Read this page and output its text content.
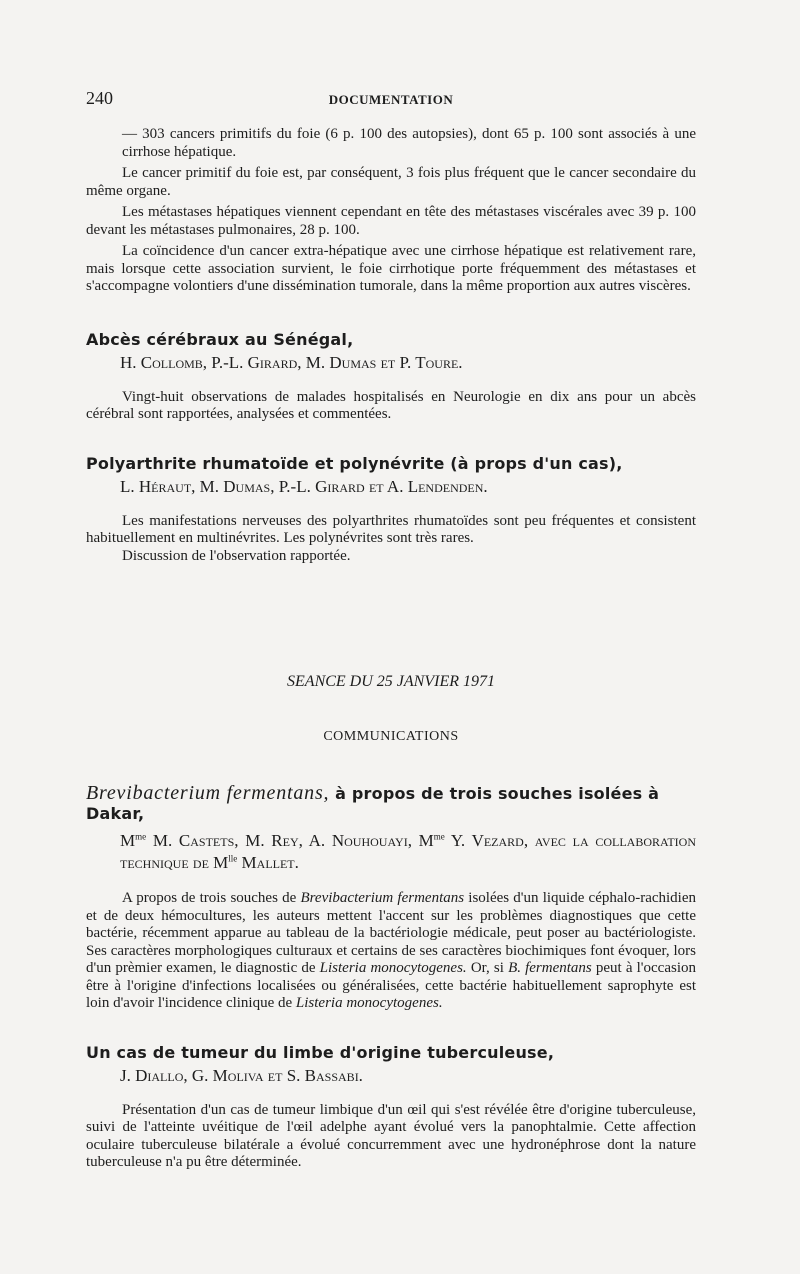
240	DOCUMENTATION

— 303 cancers primitifs du foie (6 p. 100 des autopsies), dont 65 p. 100 sont associés à une cirrhose hépatique.

Le cancer primitif du foie est, par conséquent, 3 fois plus fréquent que le cancer secondaire du même organe.

Les métastases hépatiques viennent cependant en tête des métastases viscérales avec 39 p. 100 devant les métastases pulmonaires, 28 p. 100.

La coïncidence d'un cancer extra-hépatique avec une cirrhose hépatique est relativement rare, mais lorsque cette association survient, le foie cirrhotique porte fréquemment des métastases et s'accompagne volontiers d'une dissémination tumorale, dans la même proportion aux autres viscères.

Abcès cérébraux au Sénégal,
H. Collomb, P.-L. Girard, M. Dumas et P. Toure.

Vingt-huit observations de malades hospitalisés en Neurologie en dix ans pour un abcès cérébral sont rapportées, analysées et commentées.

Polyarthrite rhumatoïde et polynévrite (à props d'un cas),
L. Héraut, M. Dumas, P.-L. Girard et A. Lendenden.

Les manifestations nerveuses des polyarthrites rhumatoïdes sont peu fréquentes et consistent habituellement en multinévrites. Les polynévrites sont très rares.

Discussion de l'observation rapportée.

SEANCE DU 25 JANVIER 1971
COMMUNICATIONS
Brevibacterium fermentans, à propos de trois souches isolées à Dakar,
$M^{me}$ M. Castets, M. Rey, A. Nouhouayi, $M^{me}$ Y. Vezard, avec la collaboration technique de $M^{lle}$ Mallet.

A propos de trois souches de Brevibacterium fermentans isolées d'un liquide céphalo-rachidien et de deux hémocultures, les auteurs mettent l'accent sur les problèmes diagnostiques que cette bactérie, récemment apparue au tableau de la bactériologie médicale, peut poser au bactériologiste. Ses caractères morphologiques culturaux et certains de ses caractères biochimiques font évoquer, lors d'un prèmier examen, le diagnostic de Listeria monocytogenes. Or, si B. fermentans peut à l'occasion être à l'origine d'infections localisées ou généralisées, cette bactérie habituellement saprophyte est loin d'avoir l'incidence clinique de Listeria monocytogenes.

Un cas de tumeur du limbe d'origine tuberculeuse,
J. Diallo, G. Moliva et S. Bassabi.

Présentation d'un cas de tumeur limbique d'un œil qui s'est révélée être d'origine tuberculeuse, suivi de l'atteinte uvéitique de l'œil adelphe ayant évolué vers la panophtalmie. Cette affection oculaire tuberculeuse bilatérale a évolué concurremment avec une hydronéphrose dont la nature tuberculeuse n'a pu être déterminée.
